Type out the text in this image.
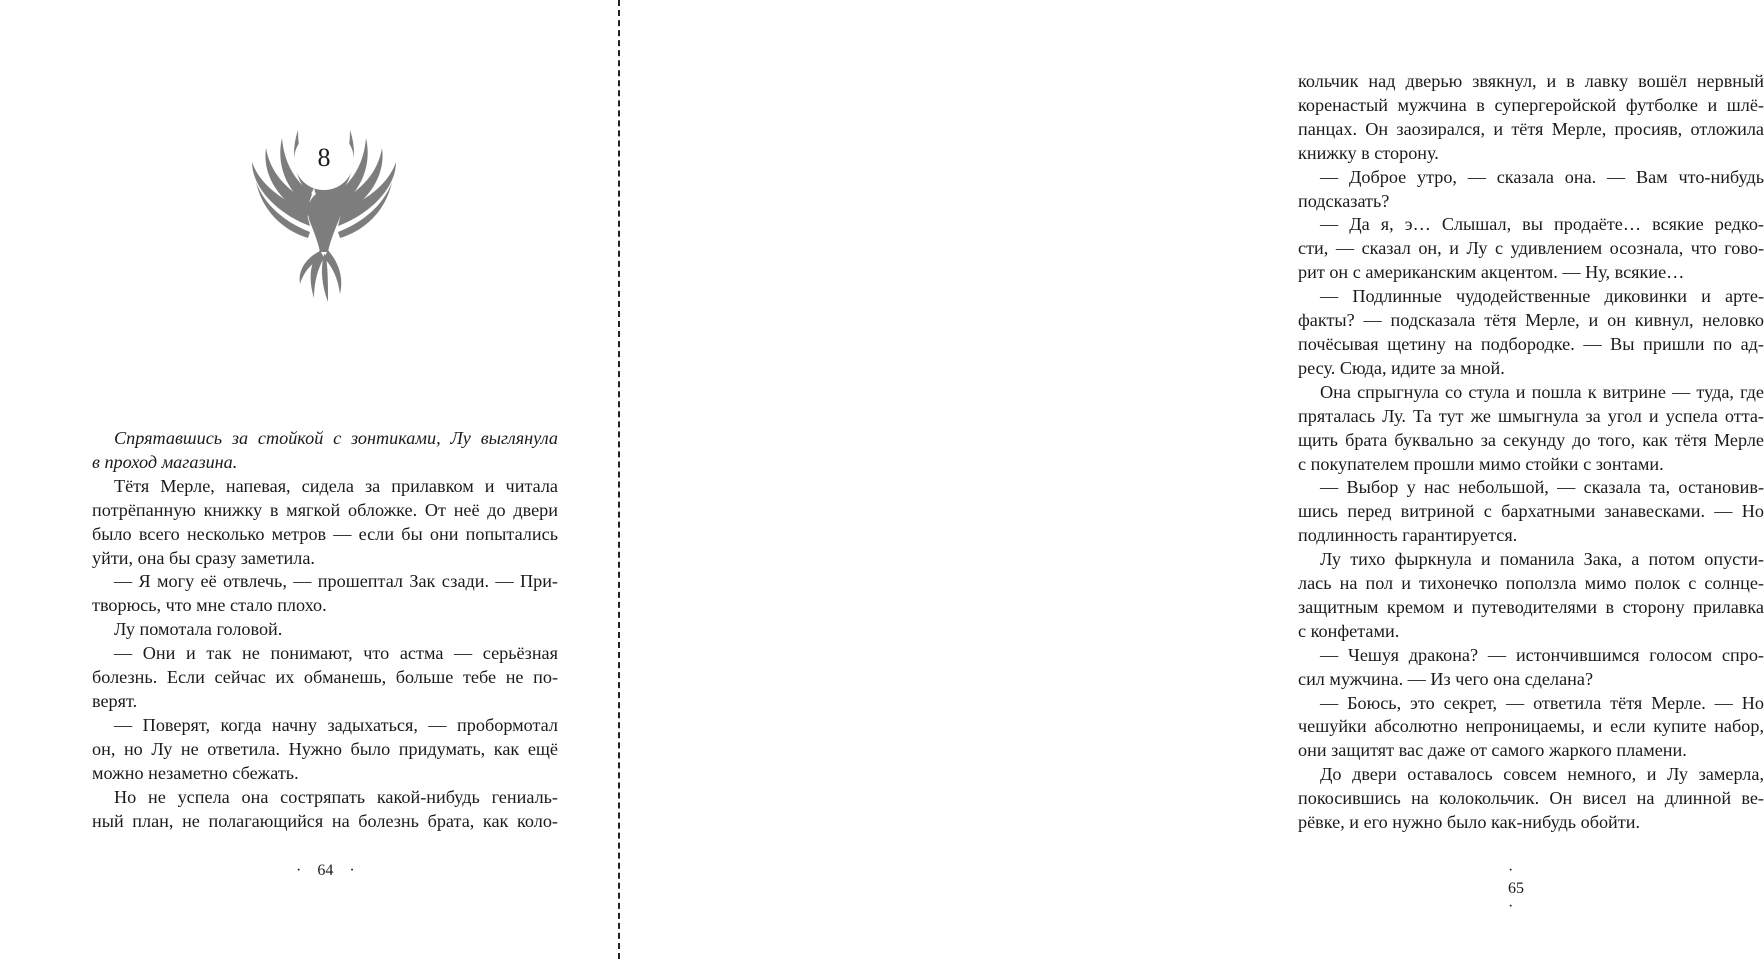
8
Спрятавшись за стойкой с зонтиками, Лу выглянула
в проход магазина.
Тётя Мерле, напевая, сидела за прилавком и читала
потрёпанную книжку в мягкой обложке. От неё до двери
было всего несколько метров — если бы они попытались
уйти, она бы сразу заметила.
— Я могу её отвлечь, — прошептал Зак сзади. — При-
творюсь, что мне стало плохо.
Лу помотала головой.
— Они и так не понимают, что астма — серьёзная
болезнь. Если сейчас их обманешь, больше тебе не по-
верят.
— Поверят, когда начну задыхаться, — пробормотал
он, но Лу не ответила. Нужно было придумать, как ещё
можно незаметно сбежать.
Но не успела она состряпать какой-нибудь гениаль-
ный план, не полагающийся на болезнь брата, как коло-
· 64 ·
кольчик над дверью звякнул, и в лавку вошёл нервный
коренастый мужчина в супергеройской футболке и шлё-
панцах. Он заозирался, и тётя Мерле, просияв, отложила
книжку в сторону.
— Доброе утро, — сказала она. — Вам что-нибудь
подсказать?
— Да я, э… Слышал, вы продаёте… всякие редко-
сти, — сказал он, и Лу с удивлением осознала, что гово-
рит он с американским акцентом. — Ну, всякие…
— Подлинные чудодейственные диковинки и арте-
факты? — подсказала тётя Мерле, и он кивнул, неловко
почёсывая щетину на подбородке. — Вы пришли по ад-
ресу. Сюда, идите за мной.
Она спрыгнула со стула и пошла к витрине — туда, где
пряталась Лу. Та тут же шмыгнула за угол и успела отта-
щить брата буквально за секунду до того, как тётя Мерле
с покупателем прошли мимо стойки с зонтами.
— Выбор у нас небольшой, — сказала та, остановив-
шись перед витриной с бархатными занавесками. — Но
подлинность гарантируется.
Лу тихо фыркнула и поманила Зака, а потом опусти-
лась на пол и тихонечко поползла мимо полок с солнце-
защитным кремом и путеводителями в сторону прилавка
с конфетами.
— Чешуя дракона? — истончившимся голосом спро-
сил мужчина. — Из чего она сделана?
— Боюсь, это секрет, — ответила тётя Мерле. — Но
чешуйки абсолютно непроницаемы, и если купите набор,
они защитят вас даже от самого жаркого пламени.
До двери оставалось совсем немного, и Лу замерла,
покосившись на колокольчик. Он висел на длинной ве-
рёвке, и его нужно было как-нибудь обойти.
· 65 ·
